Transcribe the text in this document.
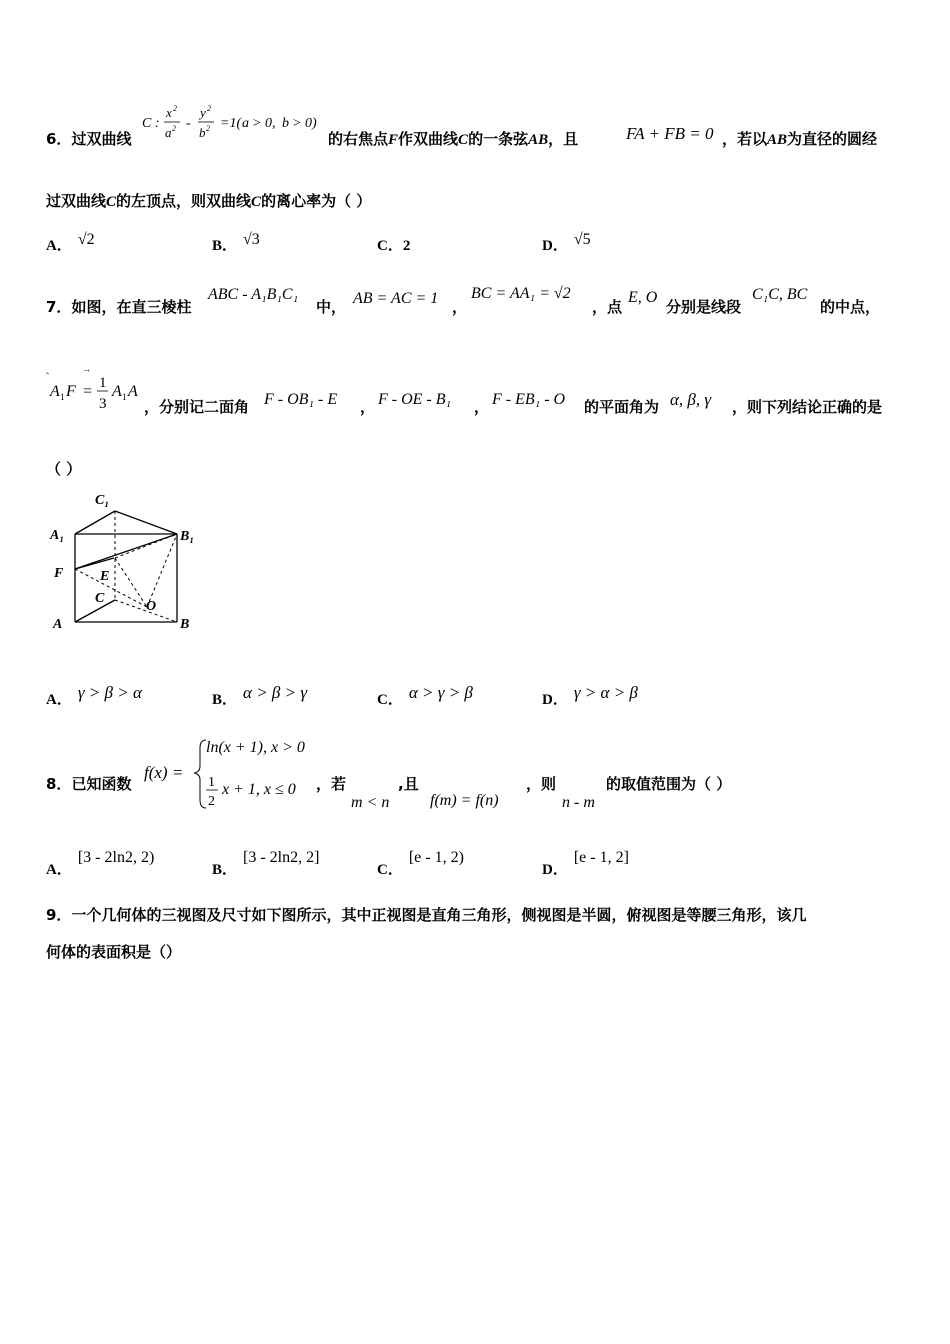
6．过双曲线
C :
x 2
a 2 -
y 2
b 2 =1( a > 0, b > 0)
的右焦点F作双曲线C的一条弦AB，且	FA + FB = 0 ，若以AB为直径的圆经
过双曲线C的左顶点，则双曲线C的离心率为（ ）
A． √2	B． √3	C．2	D． √5
7．如图，在直三棱柱
ABC - A₁B₁C₁
中， AB = AC = 1 ，
BC = AA₁ = √2
，点
E, O
分别是线段
C₁C, BC
的中点，
‸	→
A 1 F = 1
3
A 1 A
，分别记二面角 F - OB₁ - E ， F - OE - B₁ ， F - EB₁ - O 的平面角为 α, β, γ ，则下列结论正确的是
（ ）
C₁
A₁	B₁
F	E
C
O
A	B
A． γ > β > α	B． α > β > γ	C． α > γ > β	D． γ > α > β
8．已知函数
f(x) =
ln(x + 1), x > 0
1
2
x + 1, x ≤ 0 ，若
m < n
,且
f(m) = f(n)
，则
n - m
的取值范围为（ ）
A．[3 - 2ln2, 2)
B．[3 - 2ln2, 2]
C．[e - 1, 2)
D．[e - 1, 2]
9．一个几何体的三视图及尺寸如下图所示，其中正视图是直角三角形，侧视图是半圆，俯视图是等腰三角形，该几
何体的表面积是（）
